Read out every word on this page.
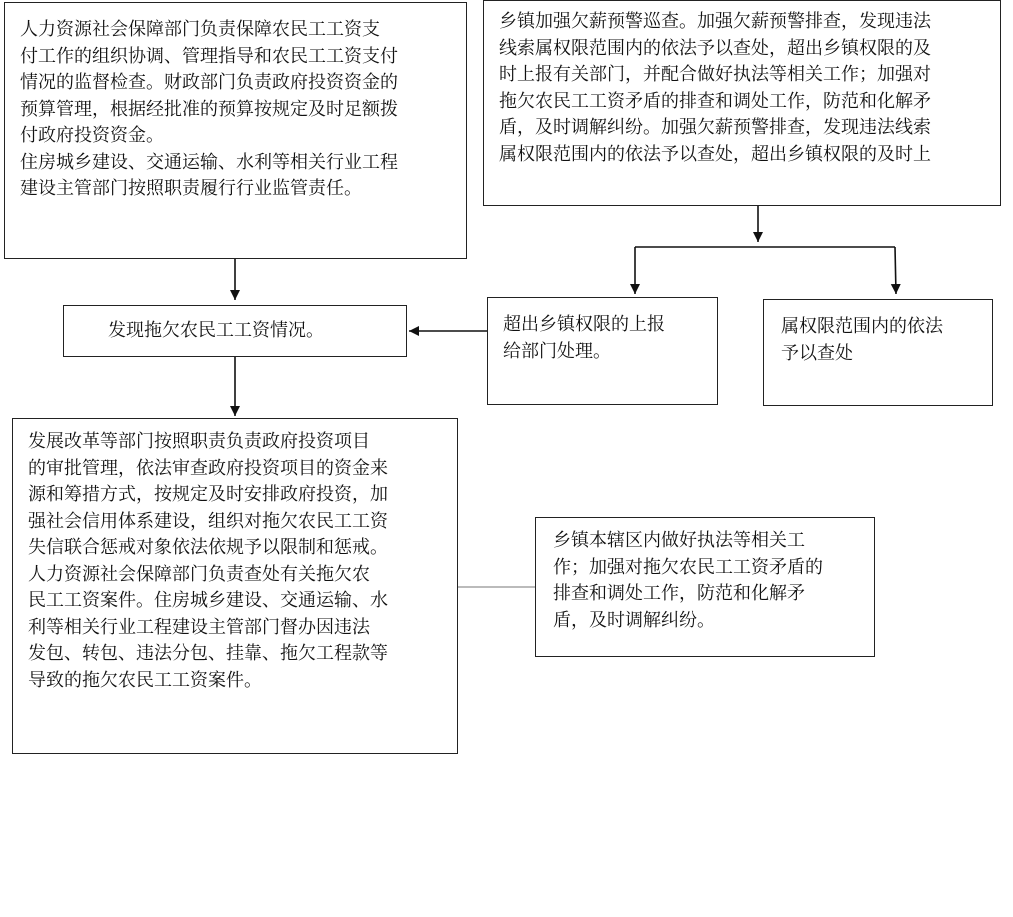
人力资源社会保障部门负责保障农民工工资支
付工作的组织协调、管理指导和农民工工资支付
情况的监督检查。财政部门负责政府投资资金的
预算管理，根据经批准的预算按规定及时足额拨
付政府投资资金。
住房城乡建设、交通运输、水利等相关行业工程
建设主管部门按照职责履行行业监管责任。
乡镇加强欠薪预警巡查。加强欠薪预警排查，发现违法
线索属权限范围内的依法予以查处，超出乡镇权限的及
时上报有关部门，并配合做好执法等相关工作；加强对
拖欠农民工工资矛盾的排查和调处工作，防范和化解矛
盾，及时调解纠纷。加强欠薪预警排查，发现违法线索
属权限范围内的依法予以查处，超出乡镇权限的及时上
发现拖欠农民工工资情况。	超出乡镇权限的上报
给部门处理。
属权限范围内的依法
予以查处
发展改革等部门按照职责负责政府投资项目
的审批管理，依法审查政府投资项目的资金来
源和筹措方式，按规定及时安排政府投资，加
强社会信用体系建设，组织对拖欠农民工工资
失信联合惩戒对象依法依规予以限制和惩戒。
人力资源社会保障部门负责查处有关拖欠农
民工工资案件。住房城乡建设、交通运输、水
利等相关行业工程建设主管部门督办因违法
发包、转包、违法分包、挂靠、拖欠工程款等
导致的拖欠农民工工资案件。
乡镇本辖区内做好执法等相关工
作；加强对拖欠农民工工资矛盾的
排查和调处工作，防范和化解矛
盾，及时调解纠纷。
